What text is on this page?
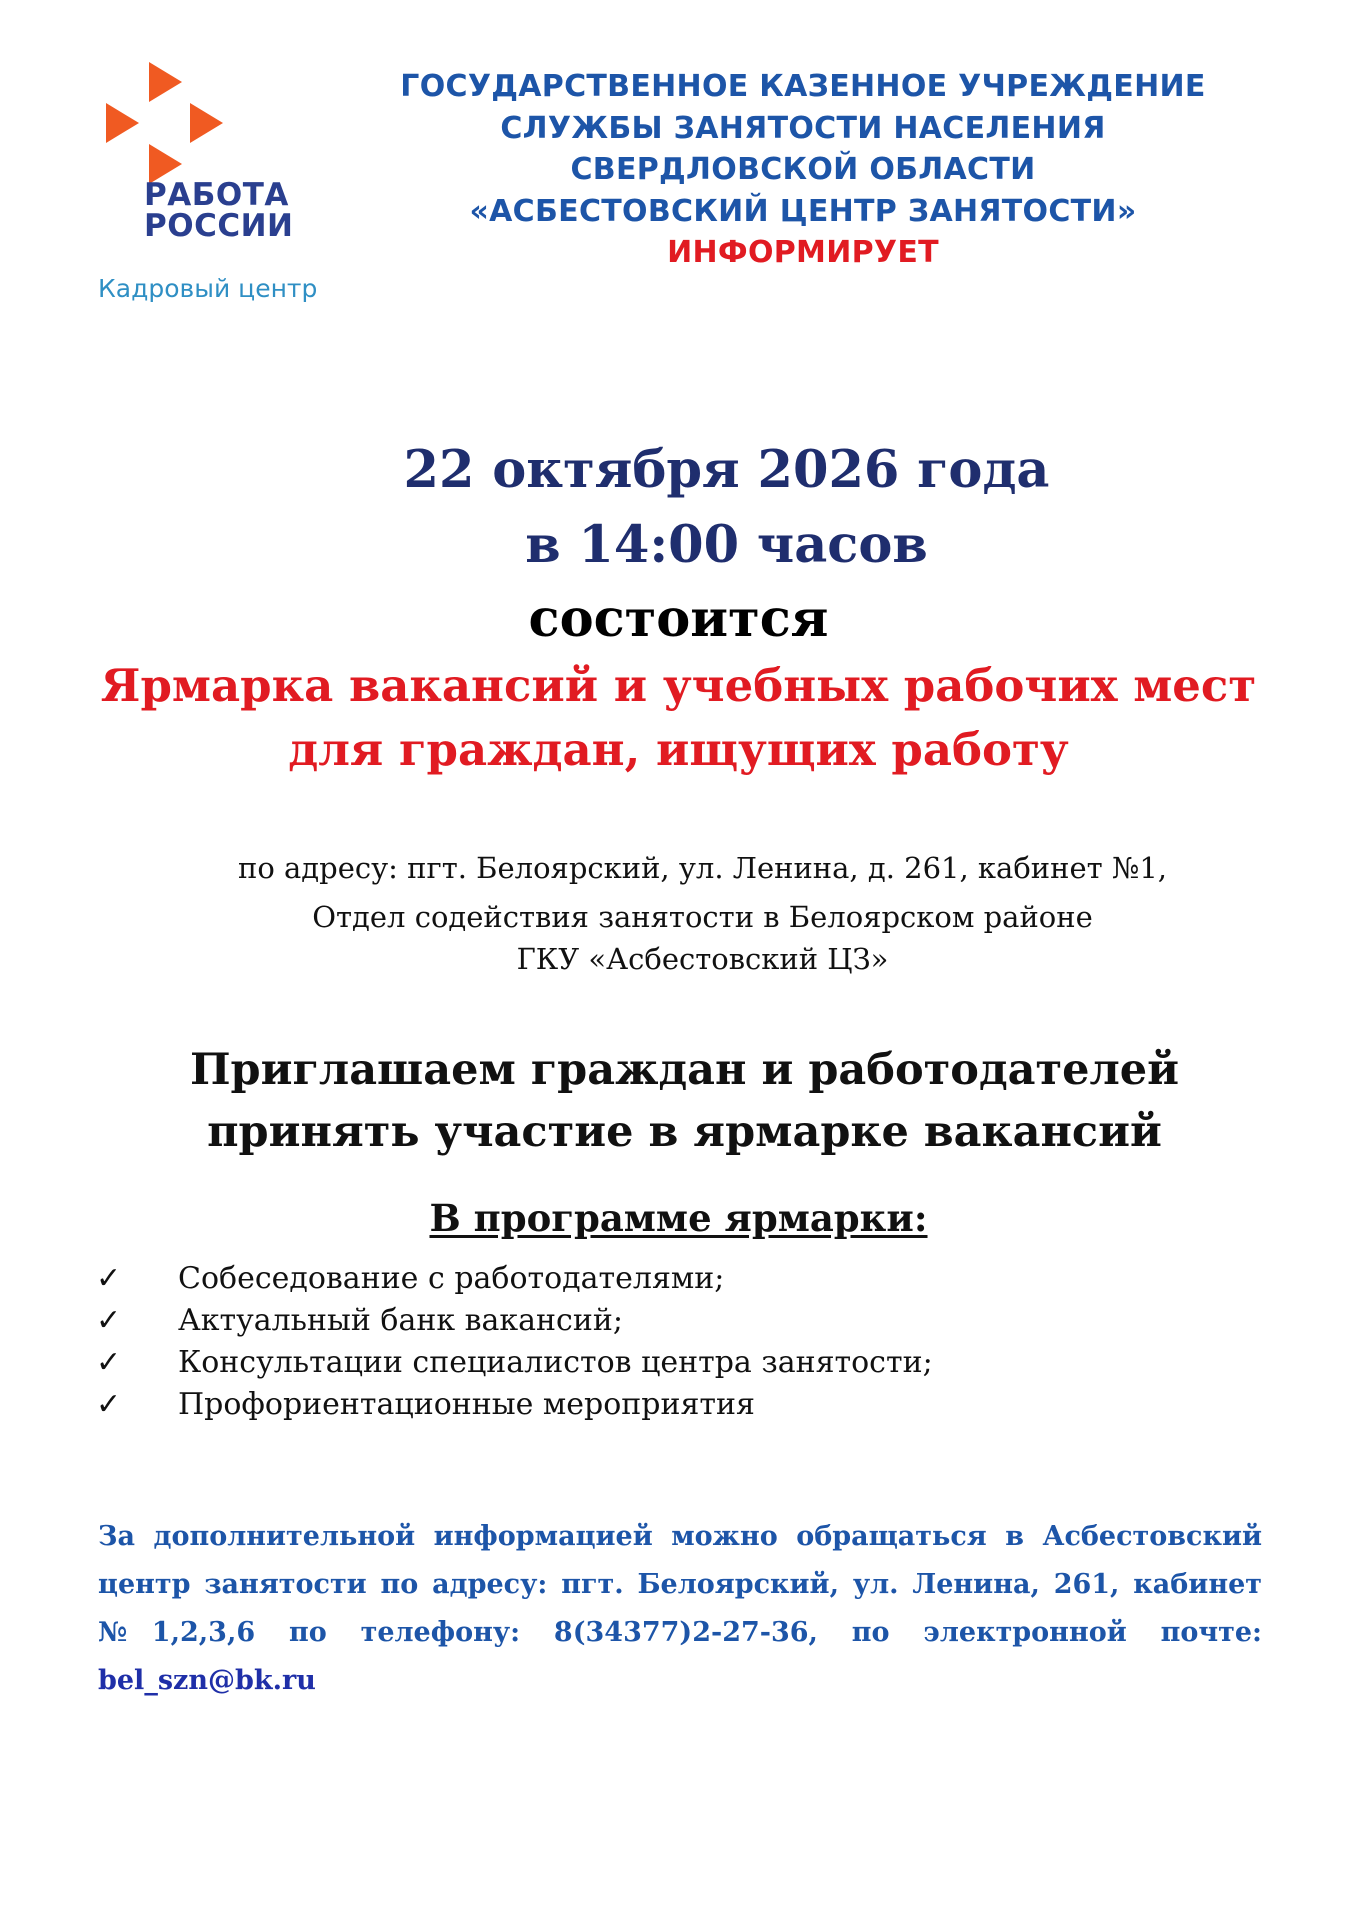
РАБОТА
РОССИИ
Кадровый центр
ГОСУДАРСТВЕННОЕ КАЗЕННОЕ УЧРЕЖДЕНИЕ
СЛУЖБЫ ЗАНЯТОСТИ НАСЕЛЕНИЯ
СВЕРДЛОВСКОЙ ОБЛАСТИ
«АСБЕСТОВСКИЙ ЦЕНТР ЗАНЯТОСТИ»
ИНФОРМИРУЕТ
22 октября 2026 года
в 14:00 часов
состоится
Ярмарка вакансий и учебных рабочих мест
для граждан, ищущих работу
по адресу: пгт. Белоярский, ул. Ленина, д. 261, кабинет №1,
Отдел содействия занятости в Белоярском районе
ГКУ «Асбестовский ЦЗ»
Приглашаем граждан и работодателей
принять участие в ярмарке вакансий
В программе ярмарки:
✓ Собеседование с работодателями;
✓ Актуальный банк вакансий;
✓ Консультации специалистов центра занятости;
✓ Профориентационные мероприятия
За дополнительной информацией можно обращаться в Асбестовский
центр занятости по адресу: пгт. Белоярский, ул. Ленина, 261, кабинет
№1,2,3,6 по телефону: 8(34377)2-27-36, по электронной почте:
bel_szn@bk.ru
